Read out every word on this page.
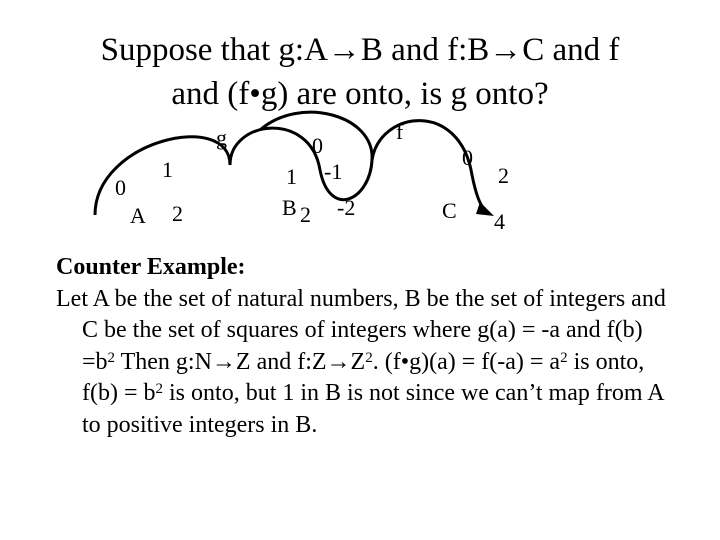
Suppose that g:A→B and f:B→C and f
and (f•g) are onto, is g onto?
0
1
2
A
g	f
0
1 -1
B 2 -2
0
2
C 4
Counter Example:
Let A be the set of natural numbers, B be the set of integers and C be the set of squares of integers where g(a) = -a and $f(b) =b^2$ Then g:N→Z and $f:Z\to Z^2$. (f•g)(a) = $f(-a) = a^2$ is onto, $f(b) = b^2$ is onto, but 1 in B is not since we can’t map from A to positive integers in B.
